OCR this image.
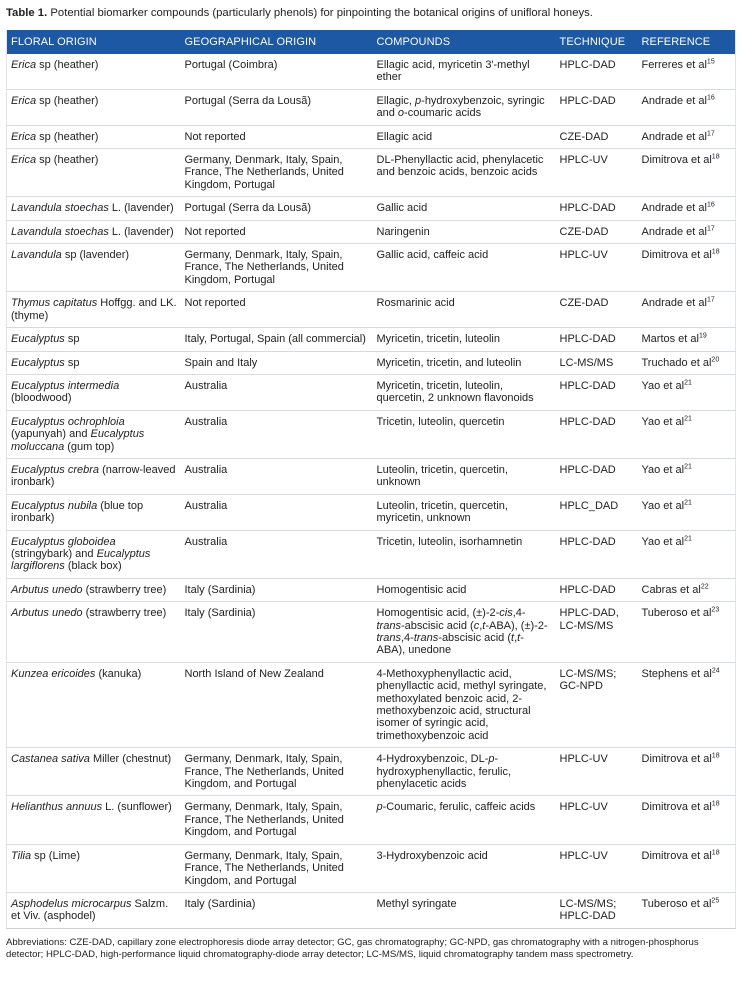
Table 1. Potential biomarker compounds (particularly phenols) for pinpointing the botanical origins of unifloral honeys.
FLORAL ORIGIN	GEOGRAPHICAL ORIGIN	COMPOUNDS	TECHNIQUE	REFERENCE
Erica sp (heather)	Portugal (Coimbra)	Ellagic acid, myricetin 3′-methyl ether	HPLC-DAD	Ferreres et $al^{15}$
Erica sp (heather)	Portugal (Serra da Lousã)	Ellagic, p-hydroxybenzoic, syringic and o-coumaric acids	HPLC-DAD	Andrade et $al^{16}$
Erica sp (heather)	Not reported	Ellagic acid	CZE-DAD	Andrade et $al^{17}$
Erica sp (heather)	Germany, Denmark, Italy, Spain, France, The Netherlands, United Kingdom, Portugal	DL-Phenyllactic acid, phenylacetic and benzoic acids, benzoic acids	HPLC-UV	Dimitrova et $al^{18}$
Lavandula stoechas L. (lavender)	Portugal (Serra da Lousã)	Gallic acid	HPLC-DAD	Andrade et $al^{16}$
Lavandula stoechas L. (lavender)	Not reported	Naringenin	CZE-DAD	Andrade et $al^{17}$
Lavandula sp (lavender)	Germany, Denmark, Italy, Spain, France, The Netherlands, United Kingdom, Portugal	Gallic acid, caffeic acid	HPLC-UV	Dimitrova et $al^{18}$
Thymus capitatus Hoffgg. and LK. (thyme)	Not reported	Rosmarinic acid	CZE-DAD	Andrade et $al^{17}$
Eucalyptus sp	Italy, Portugal, Spain (all commercial)	Myricetin, tricetin, luteolin	HPLC-DAD	Martos et $al^{19}$
Eucalyptus sp	Spain and Italy	Myricetin, tricetin, and luteolin	LC-MS/MS	Truchado et $al^{20}$
Eucalyptus intermedia (bloodwood)	Australia	Myricetin, tricetin, luteolin, quercetin, 2 unknown flavonoids	HPLC-DAD	Yao et $al^{21}$
Eucalyptus ochrophloia (yapunyah) and Eucalyptus moluccana (gum top)	Australia	Tricetin, luteolin, quercetin	HPLC-DAD	Yao et $al^{21}$
Eucalyptus crebra (narrow-leaved ironbark)	Australia	Luteolin, tricetin, quercetin, unknown	HPLC-DAD	Yao et $al^{21}$
Eucalyptus nubila (blue top ironbark)	Australia	Luteolin, tricetin, quercetin, myricetin, unknown	HPLC_DAD	Yao et $al^{21}$
Eucalyptus globoidea (stringybark) and Eucalyptus largiflorens (black box)	Australia	Tricetin, luteolin, isorhamnetin	HPLC-DAD	Yao et $al^{21}$
Arbutus unedo (strawberry tree)	Italy (Sardinia)	Homogentisic acid	HPLC-DAD	Cabras et $al^{22}$
Arbutus unedo (strawberry tree)	Italy (Sardinia)	Homogentisic acid, (±)-2-cis,4-trans-abscisic acid (c,t-ABA), (±)-2-trans,4-trans-abscisic acid (t,t-ABA), unedone	HPLC-DAD, LC-MS/MS	Tuberoso et $al^{23}$
Kunzea ericoides (kanuka)	North Island of New Zealand	4-Methoxyphenyllactic acid, phenyllactic acid, methyl syringate, methoxylated benzoic acid, 2-methoxybenzoic acid, structural isomer of syringic acid, trimethoxybenzoic acid	LC-MS/MS; GC-NPD	Stephens et $al^{24}$
Castanea sativa Miller (chestnut)	Germany, Denmark, Italy, Spain, France, The Netherlands, United Kingdom, and Portugal	4-Hydroxybenzoic, DL-p-hydroxyphenyllactic, ferulic, phenylacetic acids	HPLC-UV	Dimitrova et $al^{18}$
Helianthus annuus L. (sunflower)	Germany, Denmark, Italy, Spain, France, The Netherlands, United Kingdom, and Portugal	p-Coumaric, ferulic, caffeic acids	HPLC-UV	Dimitrova et $al^{18}$
Tilia sp (Lime)	Germany, Denmark, Italy, Spain, France, The Netherlands, United Kingdom, and Portugal	3-Hydroxybenzoic acid	HPLC-UV	Dimitrova et $al^{18}$
Asphodelus microcarpus Salzm. et Viv. (asphodel)	Italy (Sardinia)	Methyl syringate	LC-MS/MS; HPLC-DAD	Tuberoso et $al^{25}$
Abbreviations: CZE-DAD, capillary zone electrophoresis diode array detector; GC, gas chromatography; GC-NPD, gas chromatography with a nitrogen-phosphorus detector; HPLC-DAD, high-performance liquid chromatography-diode array detector; LC-MS/MS, liquid chromatography tandem mass spectrometry.
